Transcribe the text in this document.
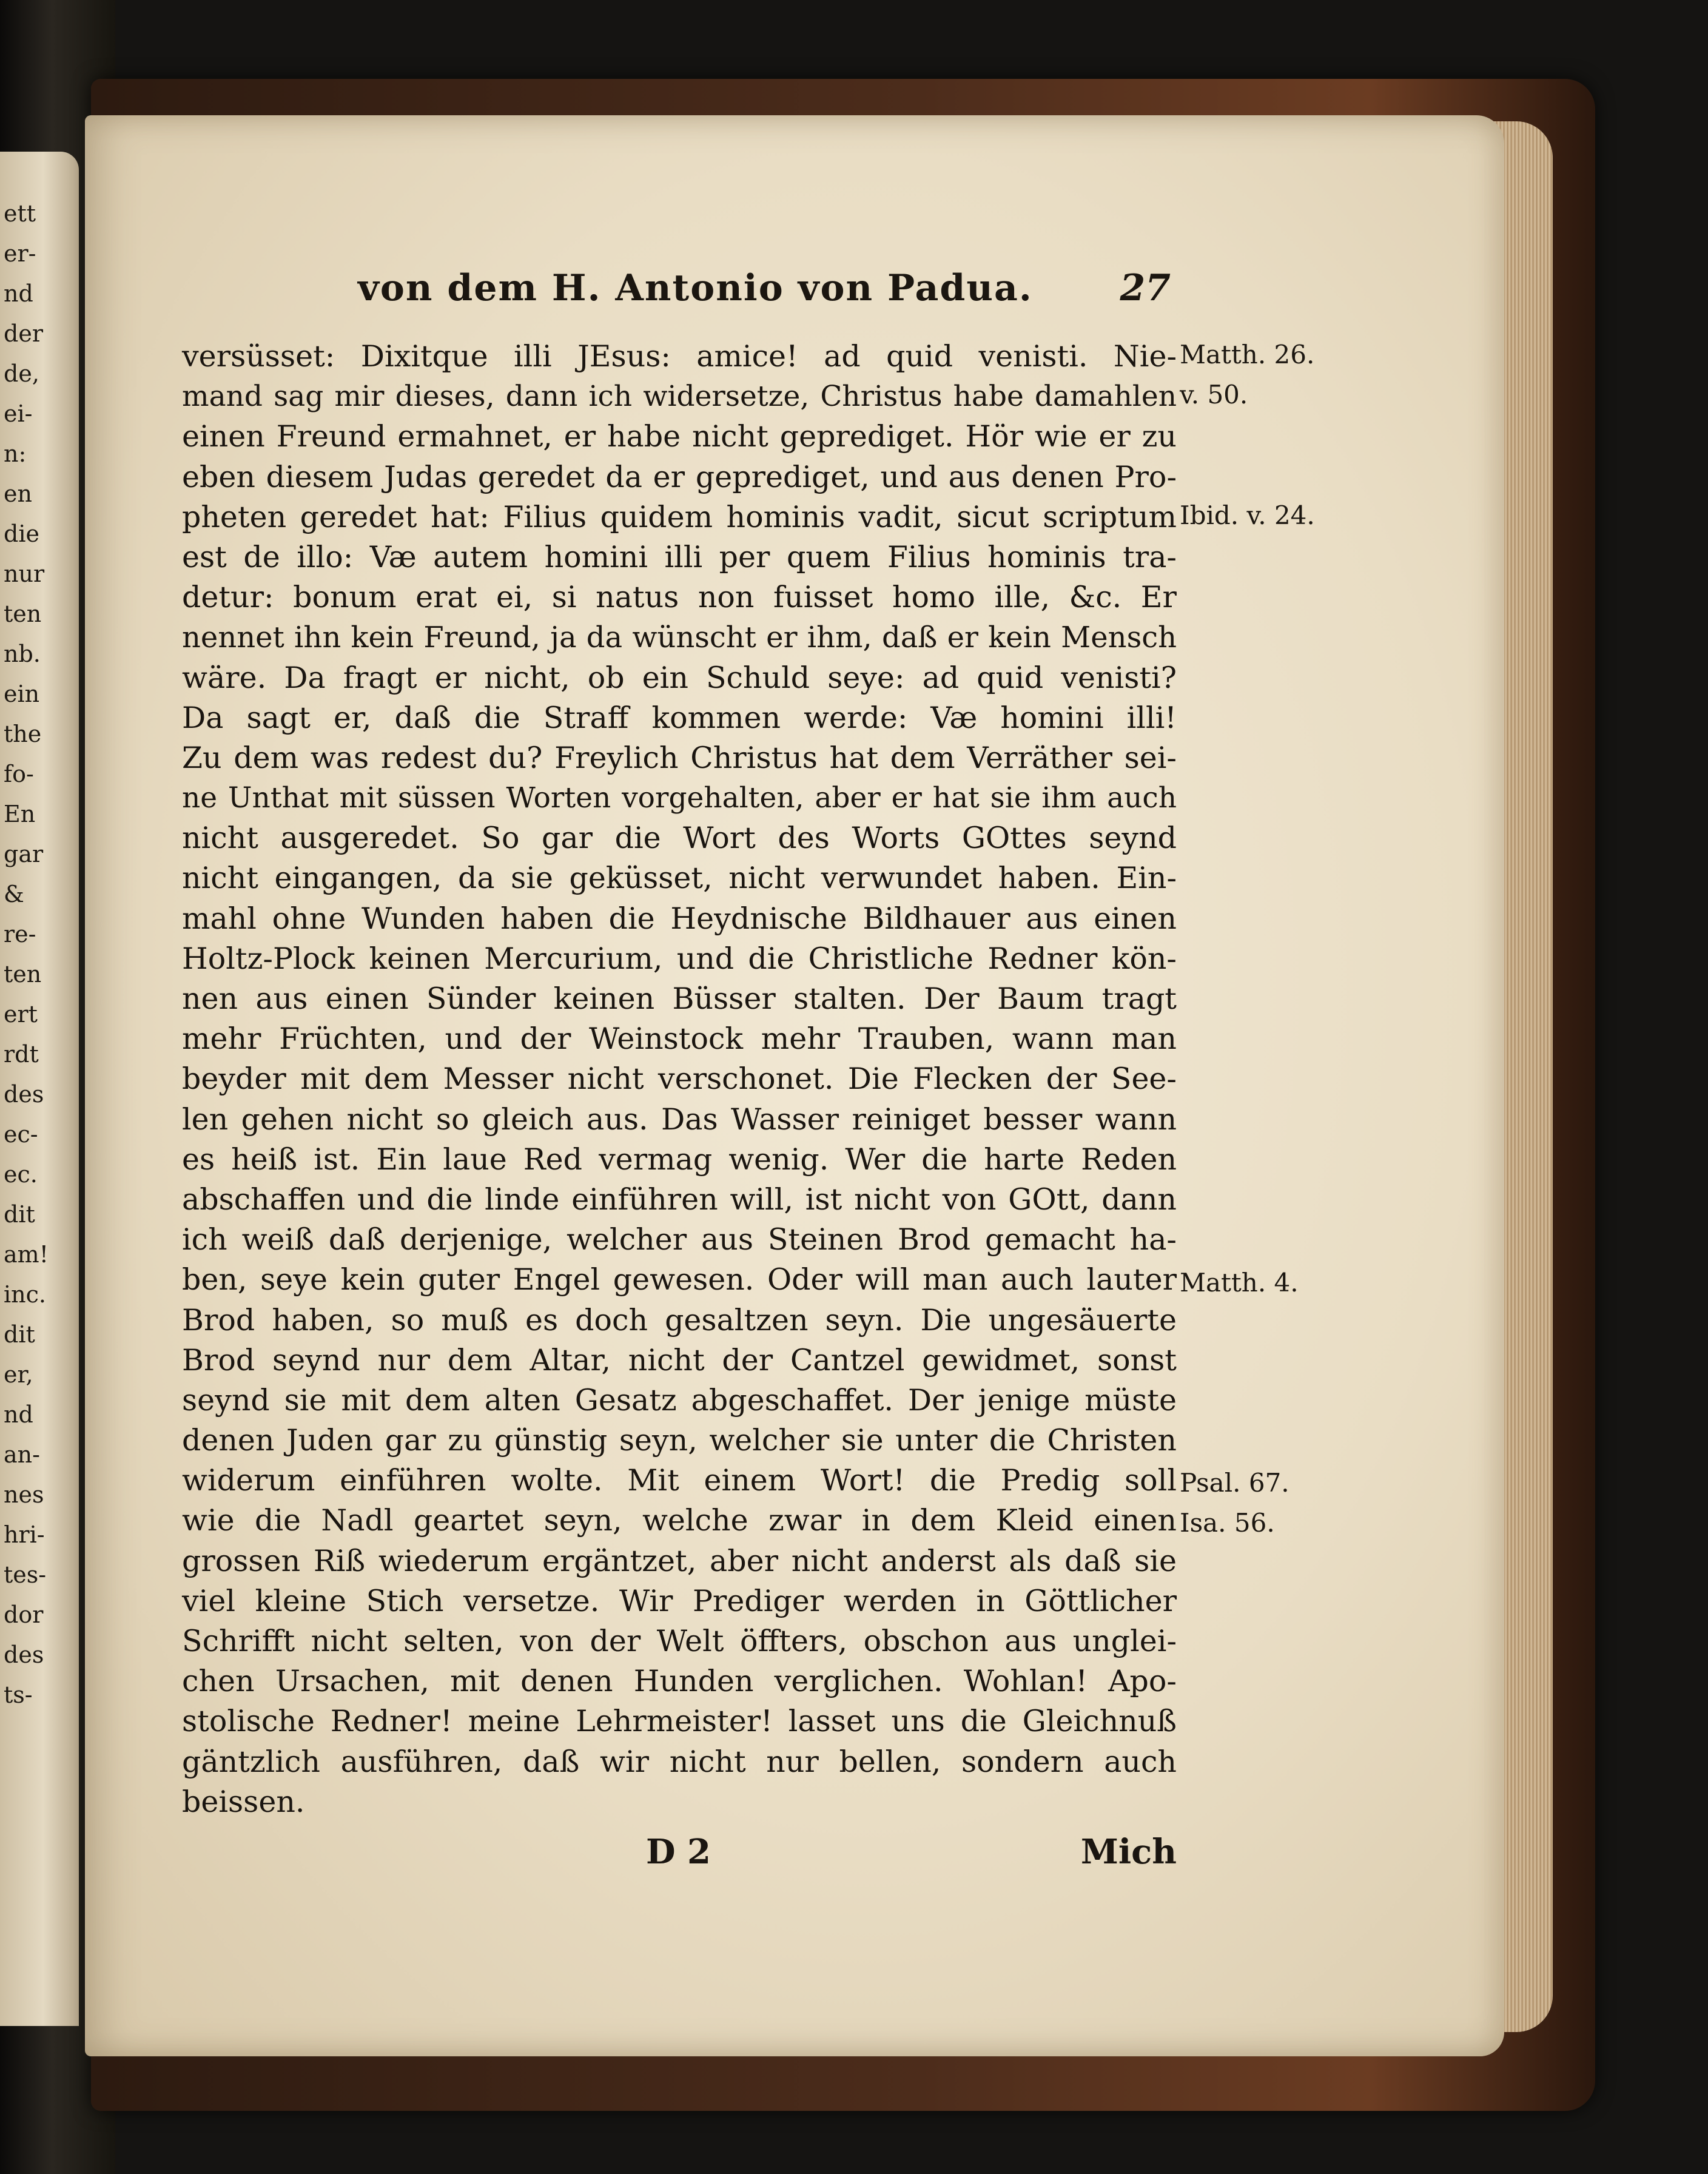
ett
er-
nd
der
de,
ei-
n:
en
die
nur
ten
nb.
ein
the
fo-
En
gar
&
re-
ten
ert
rdt
des
ec-
ec.
dit
am!
inc.
dit
er,
nd
an-
nes
hri-
tes-
dor
des
ts-
von dem H. Antonio von Padua. 27
versüsset: Dixitque illi JEsus: amice! ad quid venisti. Nie-
mand sag mir dieses, dann ich widersetze, Christus habe damahlen
einen Freund ermahnet, er habe nicht geprediget. Hör wie er zu
eben diesem Judas geredet da er geprediget, und aus denen Pro-
pheten geredet hat: Filius quidem hominis vadit, sicut scriptum
est de illo: Væ autem homini illi per quem Filius hominis tra-
detur: bonum erat ei, si natus non fuisset homo ille, &c. Er
nennet ihn kein Freund, ja da wünscht er ihm, daß er kein Mensch
wäre. Da fragt er nicht, ob ein Schuld seye: ad quid venisti?
Da sagt er, daß die Straff kommen werde: Væ homini illi!
Zu dem was redest du? Freylich Christus hat dem Verräther sei-
ne Unthat mit süssen Worten vorgehalten, aber er hat sie ihm auch
nicht ausgeredet. So gar die Wort des Worts GOttes seynd
nicht eingangen, da sie geküsset, nicht verwundet haben. Ein-
mahl ohne Wunden haben die Heydnische Bildhauer aus einen
Holtz-Plock keinen Mercurium, und die Christliche Redner kön-
nen aus einen Sünder keinen Büsser stalten. Der Baum tragt
mehr Früchten, und der Weinstock mehr Trauben, wann man
beyder mit dem Messer nicht verschonet. Die Flecken der See-
len gehen nicht so gleich aus. Das Wasser reiniget besser wann
es heiß ist. Ein laue Red vermag wenig. Wer die harte Reden
abschaffen und die linde einführen will, ist nicht von GOtt, dann
ich weiß daß derjenige, welcher aus Steinen Brod gemacht ha-
ben, seye kein guter Engel gewesen. Oder will man auch lauter
Brod haben, so muß es doch gesaltzen seyn. Die ungesäuerte
Brod seynd nur dem Altar, nicht der Cantzel gewidmet, sonst
seynd sie mit dem alten Gesatz abgeschaffet. Der jenige müste
denen Juden gar zu günstig seyn, welcher sie unter die Christen
widerum einführen wolte. Mit einem Wort! die Predig soll
wie die Nadl geartet seyn, welche zwar in dem Kleid einen
grossen Riß wiederum ergäntzet, aber nicht anderst als daß sie
viel kleine Stich versetze. Wir Prediger werden in Göttlicher
Schrifft nicht selten, von der Welt öffters, obschon aus unglei-
chen Ursachen, mit denen Hunden verglichen. Wohlan! Apo-
stolische Redner! meine Lehrmeister! lasset uns die Gleichnuß
gäntzlich ausführen, daß wir nicht nur bellen, sondern auch
beissen.
Matth. 26.
v. 50.
Ibid. v. 24.
Matth. 4.
Psal. 67.
Isa. 56.
D 2	Mich
